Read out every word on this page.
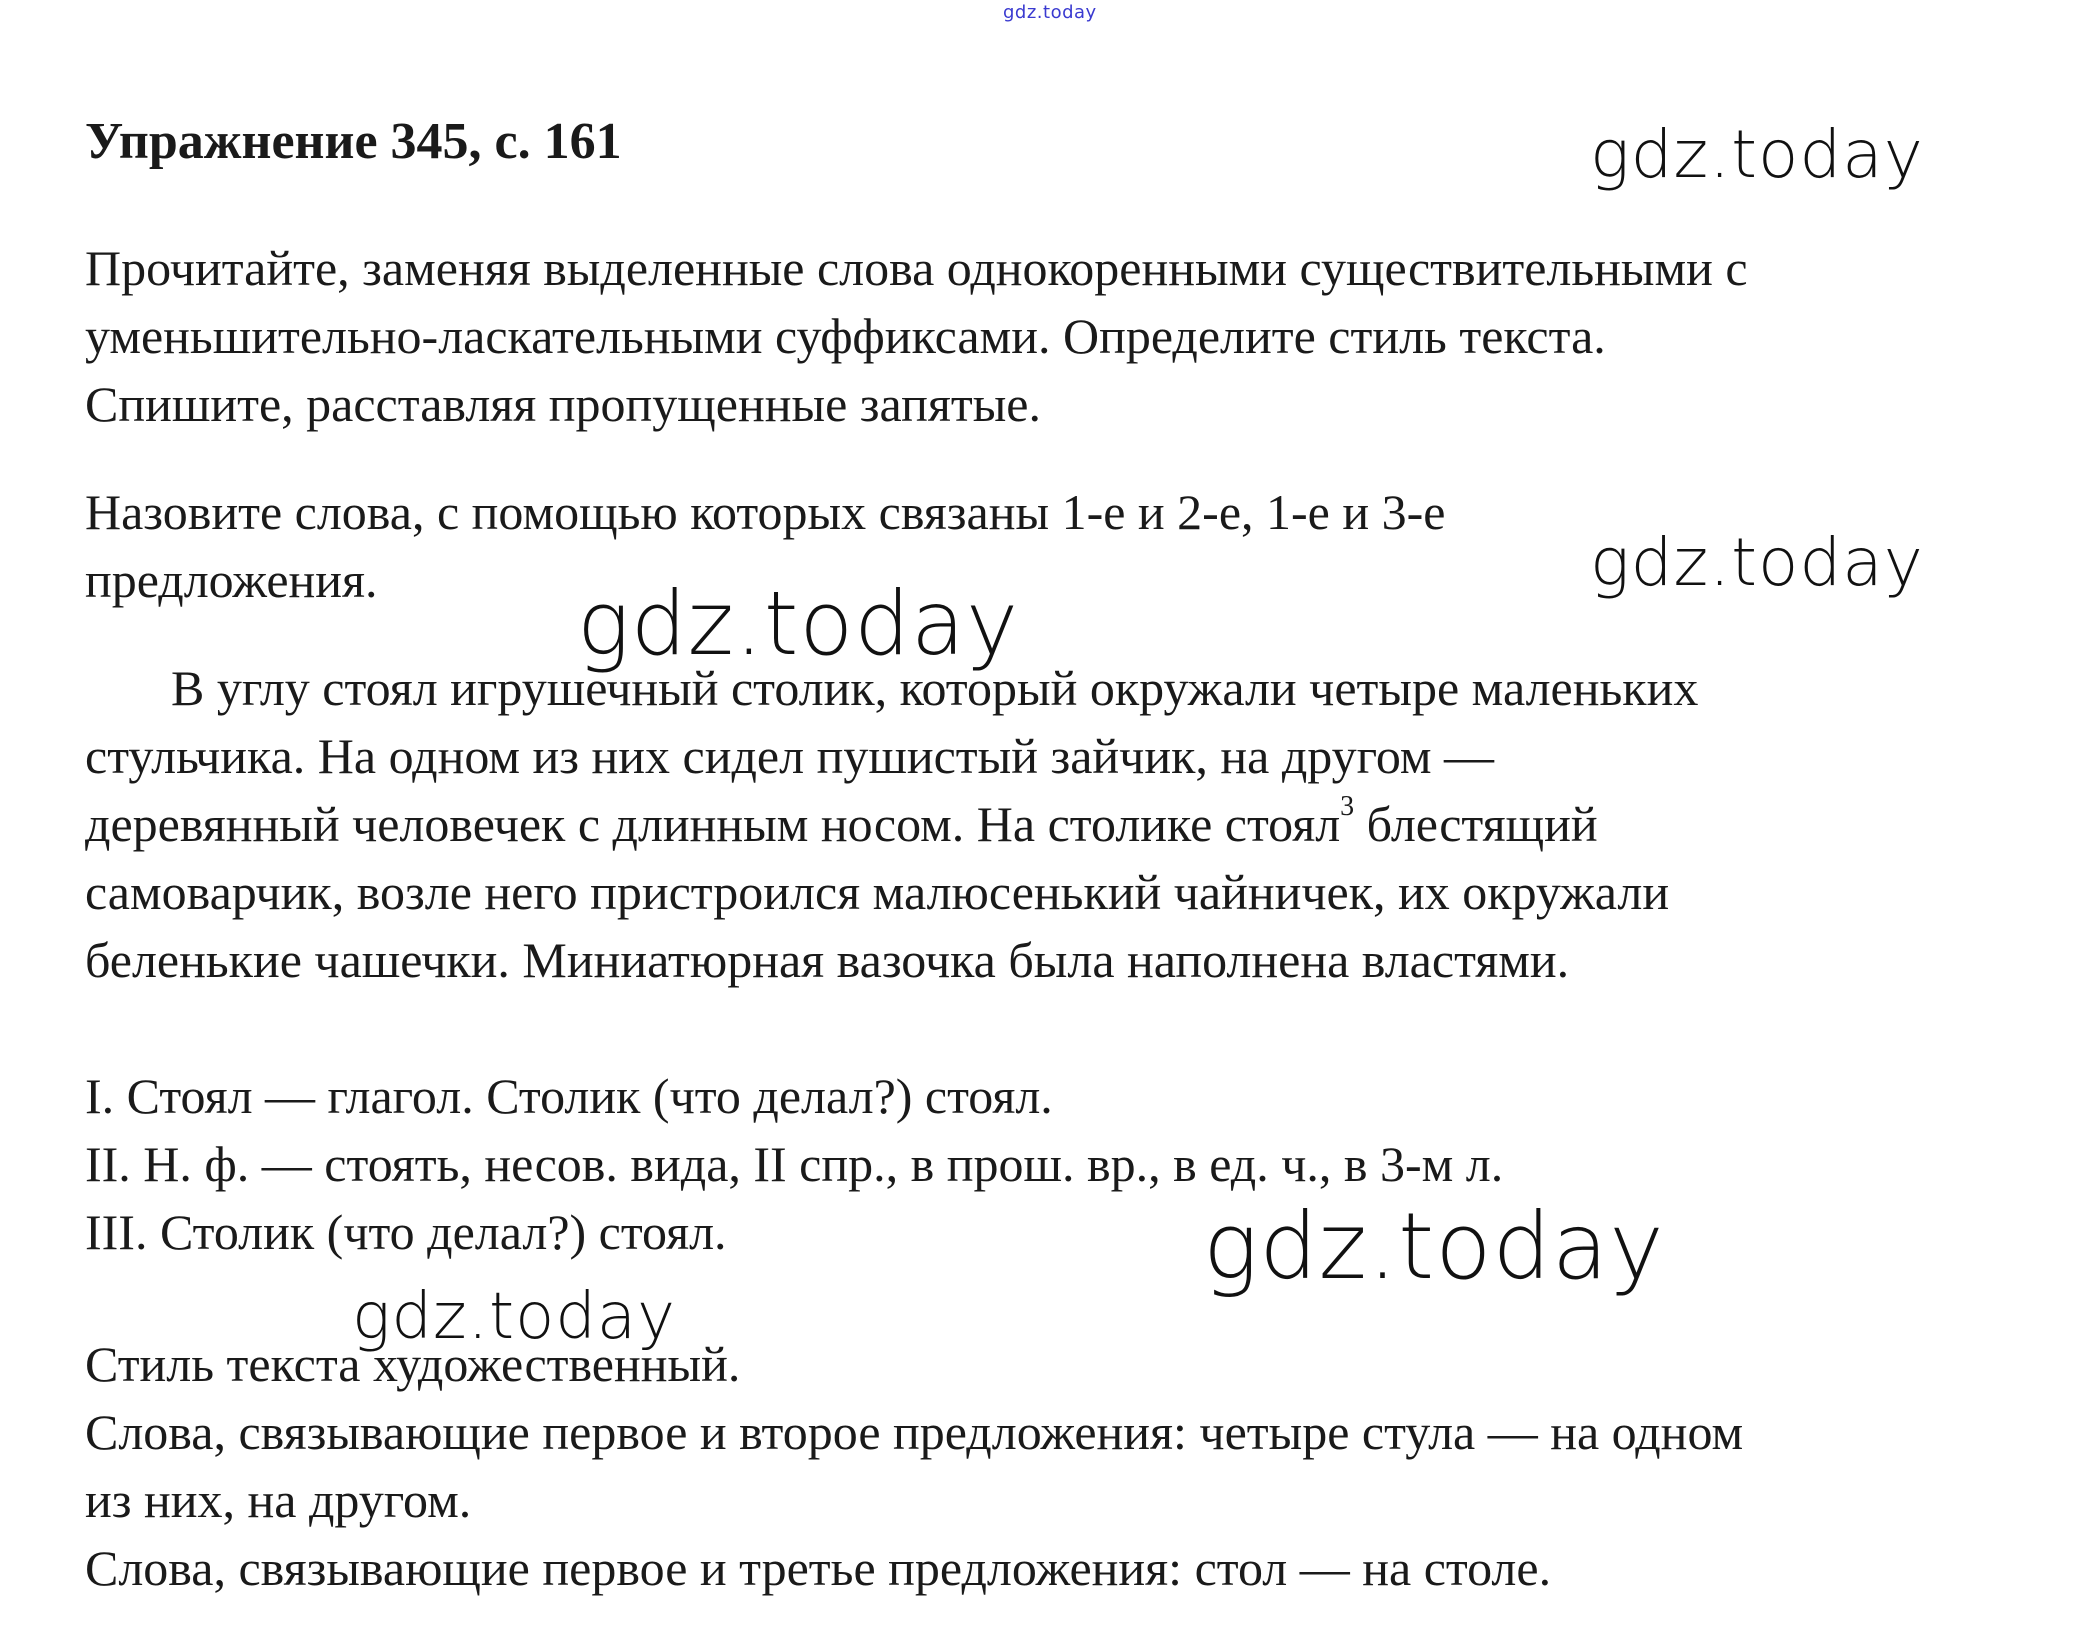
gdz.today
Упражнение 345, с. 161
Прочитайте, заменяя выделенные слова однокоренными существительными с
уменьшительно-ласкательными суффиксами. Определите стиль текста.
Спишите, расставляя пропущенные запятые.
Назовите слова, с помощью которых связаны 1-е и 2-е, 1-е и 3-е
предложения.
В углу стоял игрушечный столик, который окружали четыре маленьких
стульчика. На одном из них сидел пушистый зайчик, на другом —
деревянный человечек с длинным носом. На столике стоял$^3$ блестящий
самоварчик, возле него пристроился малюсенький чайничек, их окружали
беленькие чашечки. Миниатюрная вазочка была наполнена властями.
I. Стоял — глагол. Столик (что делал?) стоял.
II. Н. ф. — стоять, несов. вида, II спр., в прош. вр., в ед. ч., в 3-м л.
III. Столик (что делал?) стоял.
Стиль текста художественный.
Слова, связывающие первое и второе предложения: четыре стула — на одном
из них, на другом.
Слова, связывающие первое и третье предложения: стол — на столе.
gdz.today
gdz.today
gdz.today
gdz.today
gdz.today
